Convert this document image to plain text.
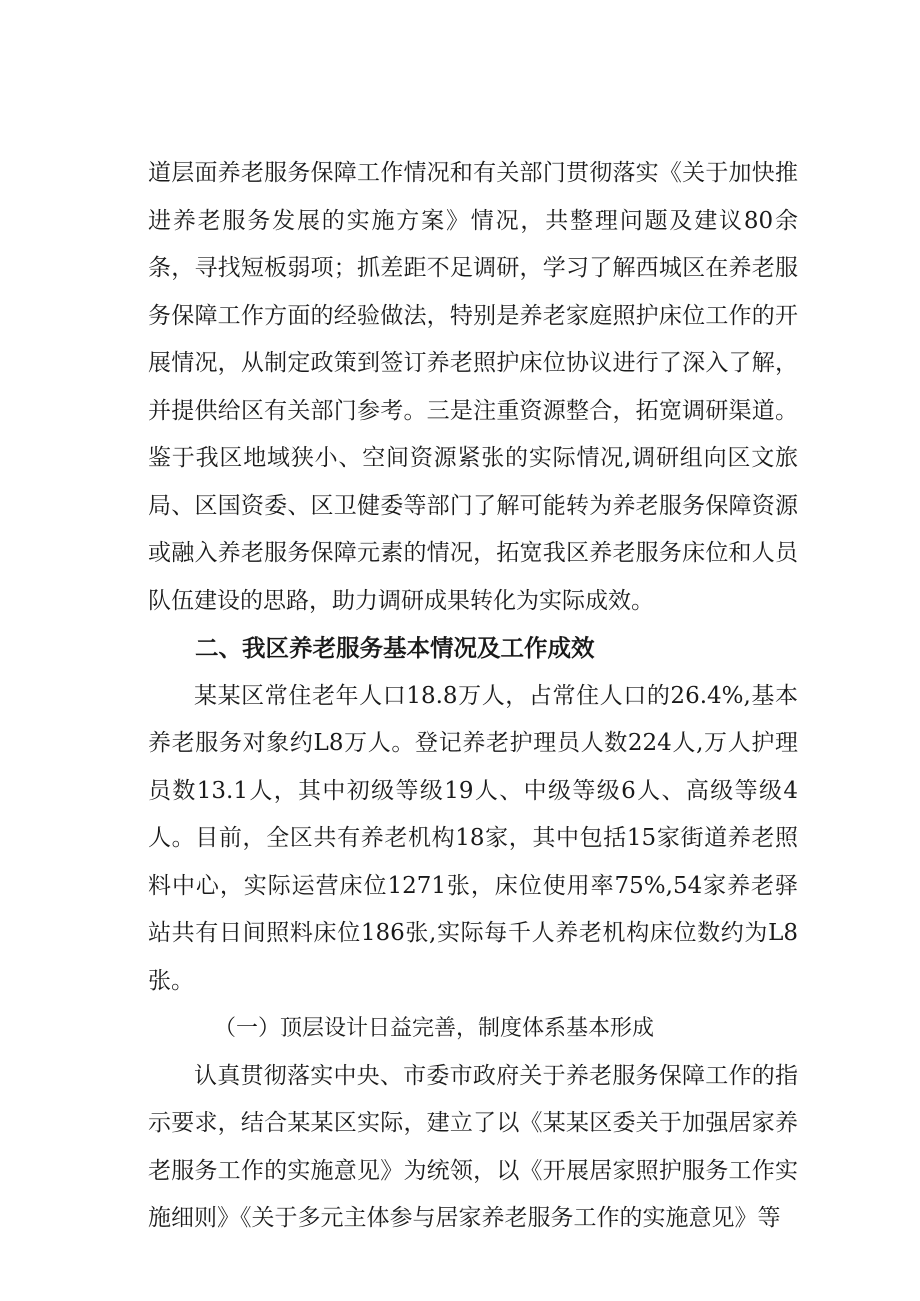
道层面养老服务保障工作情况和有关部门贯彻落实《关于加快推进养老服务发展的实施方案》情况，共整理问题及建议80余条，寻找短板弱项；抓差距不足调研，学习了解西城区在养老服务保障工作方面的经验做法，特别是养老家庭照护床位工作的开展情况，从制定政策到签订养老照护床位协议进行了深入了解，并提供给区有关部门参考。三是注重资源整合，拓宽调研渠道。鉴于我区地域狭小、空间资源紧张的实际情况,调研组向区文旅局、区国资委、区卫健委等部门了解可能转为养老服务保障资源或融入养老服务保障元素的情况，拓宽我区养老服务床位和人员队伍建设的思路，助力调研成果转化为实际成效。

二、我区养老服务基本情况及工作成效

某某区常住老年人口18.8万人，占常住人口的26.4%,基本养老服务对象约L8万人。登记养老护理员人数224人,万人护理员数13.1人，其中初级等级19人、中级等级6人、高级等级4人。目前，全区共有养老机构18家，其中包括15家街道养老照料中心，实际运营床位1271张，床位使用率75%,54家养老驿站共有日间照料床位186张,实际每千人养老机构床位数约为L8张。

（一）顶层设计日益完善，制度体系基本形成

认真贯彻落实中央、市委市政府关于养老服务保障工作的指示要求，结合某某区实际，建立了以《某某区委关于加强居家养老服务工作的实施意见》为统领，以《开展居家照护服务工作实施细则》《关于多元主体参与居家养老服务工作的实施意见》等
